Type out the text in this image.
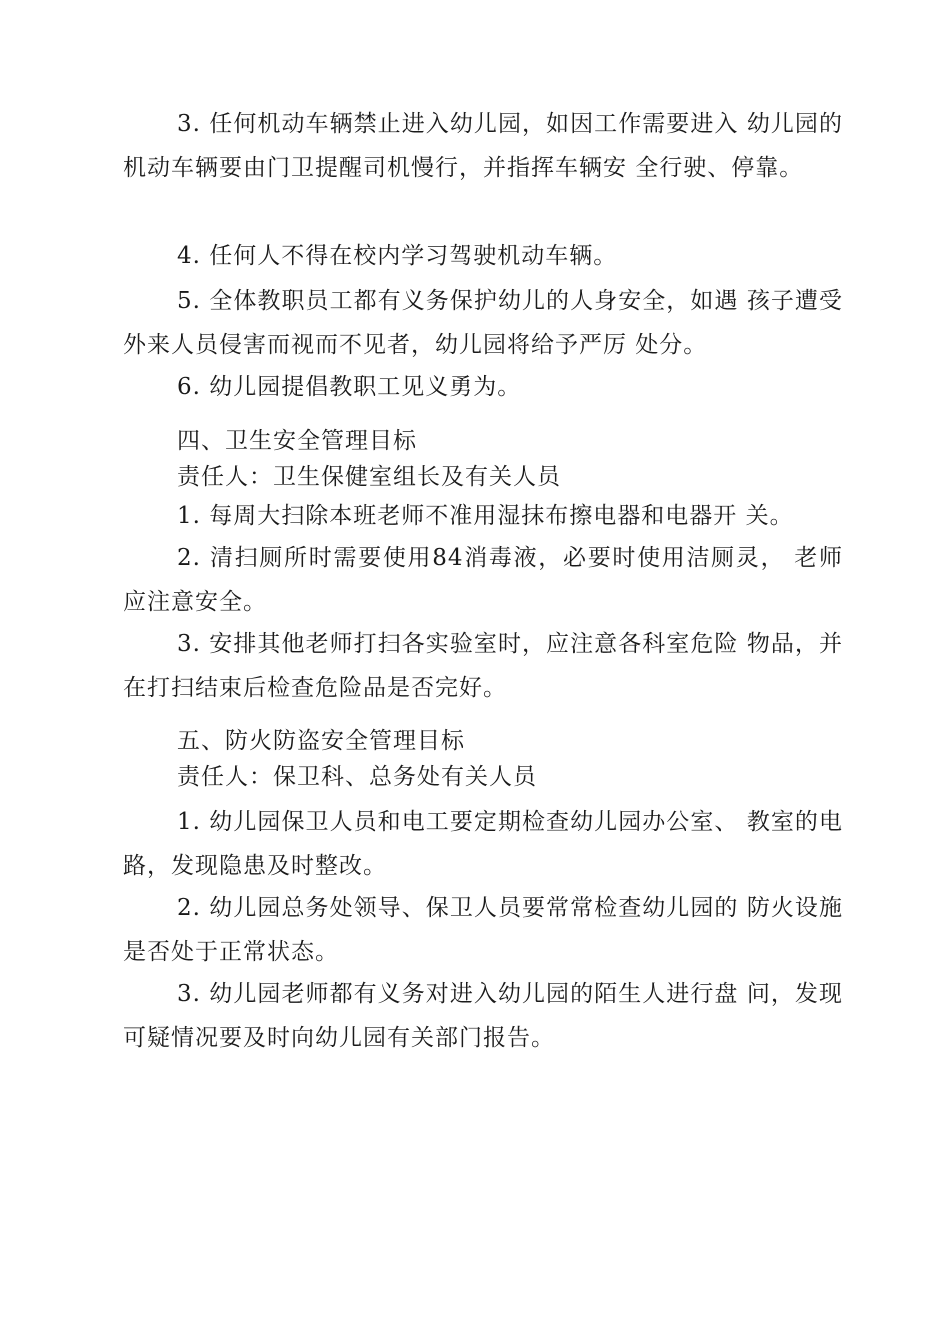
3. 任何机动车辆禁止进入幼儿园，如因工作需要进入 幼儿园的机动车辆要由门卫提醒司机慢行，并指挥车辆安 全行驶、停靠。

4. 任何人不得在校内学习驾驶机动车辆。

5. 全体教职员工都有义务保护幼儿的人身安全，如遇 孩子遭受外来人员侵害而视而不见者，幼儿园将给予严厉 处分。

6. 幼儿园提倡教职工见义勇为。

四、卫生安全管理目标

责任人：卫生保健室组长及有关人员

1. 每周大扫除本班老师不准用湿抹布擦电器和电器开 关。

2. 清扫厕所时需要使用84消毒液，必要时使用洁厕灵， 老师应注意安全。

3. 安排其他老师打扫各实验室时，应注意各科室危险 物品，并在打扫结束后检查危险品是否完好。

五、防火防盗安全管理目标

责任人：保卫科、总务处有关人员

1. 幼儿园保卫人员和电工要定期检查幼儿园办公室、 教室的电路，发现隐患及时整改。

2. 幼儿园总务处领导、保卫人员要常常检查幼儿园的 防火设施是否处于正常状态。

3. 幼儿园老师都有义务对进入幼儿园的陌生人进行盘 问，发现可疑情况要及时向幼儿园有关部门报告。
